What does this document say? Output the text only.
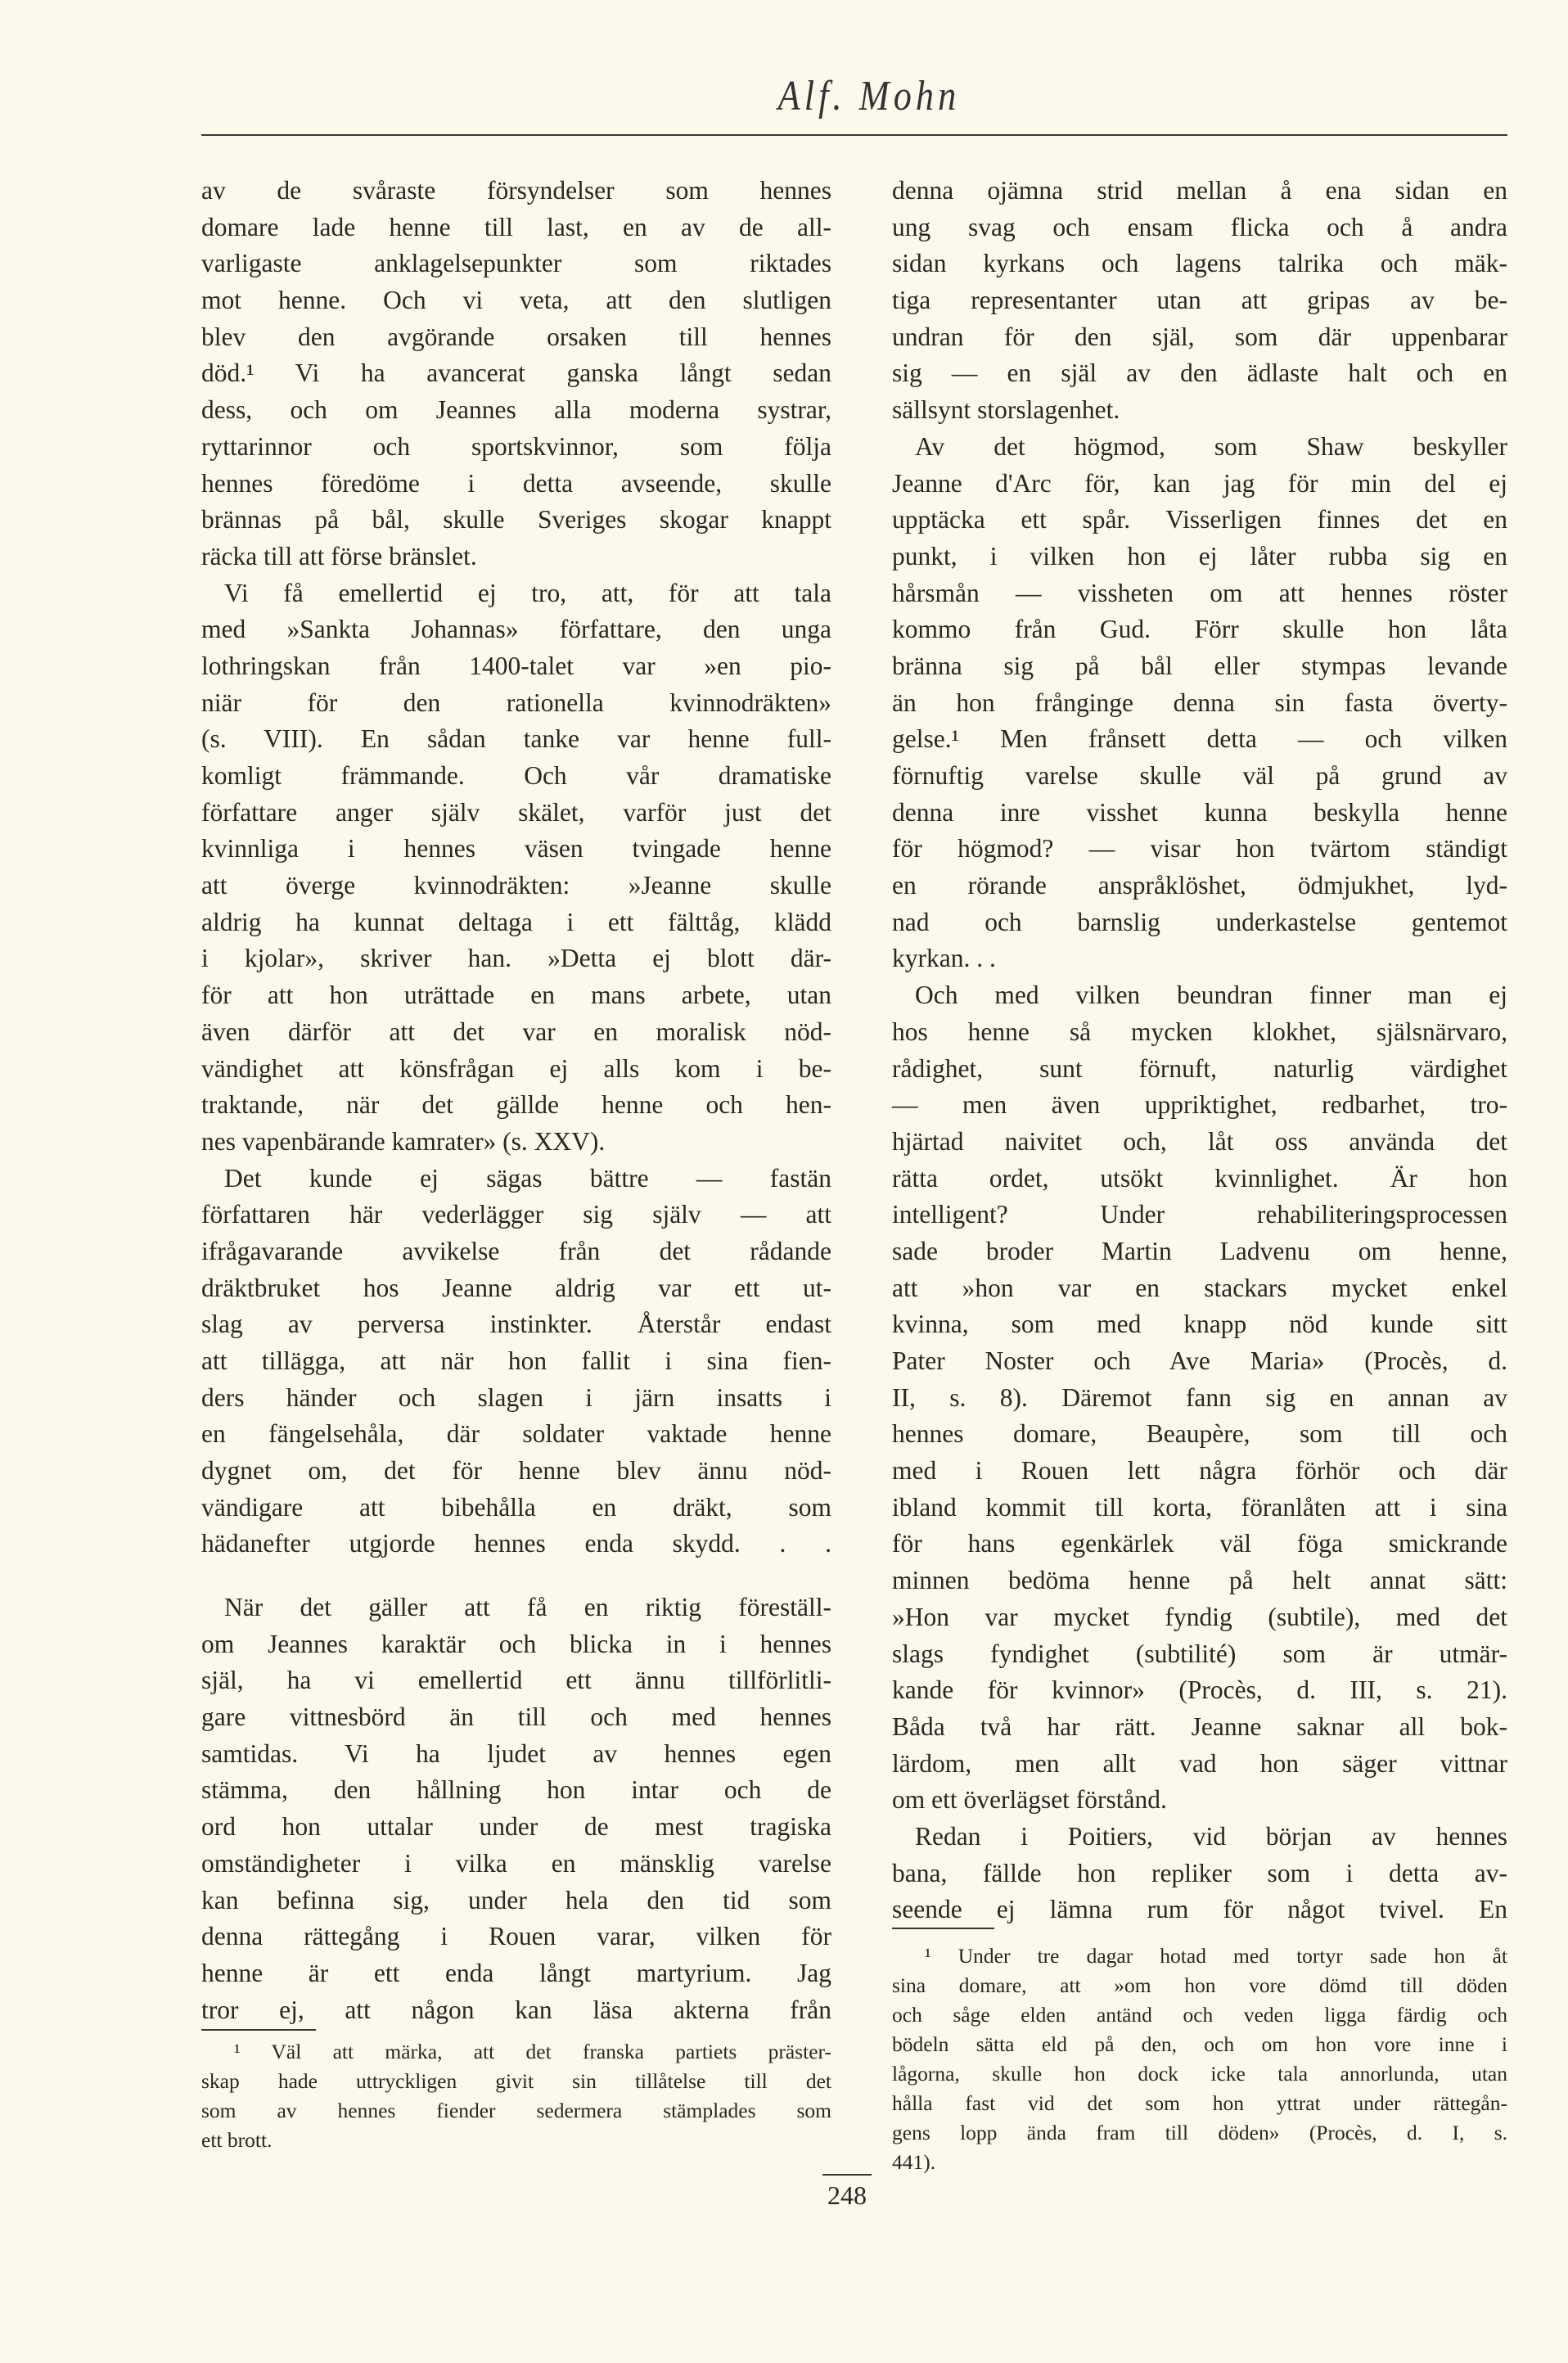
Alf. Mohn
av de svåraste försyndelser som hennes
domare lade henne till last, en av de all-
varligaste anklagelsepunkter som riktades
mot henne. Och vi veta, att den slutligen
blev den avgörande orsaken till hennes
död.¹ Vi ha avancerat ganska långt sedan
dess, och om Jeannes alla moderna systrar,
ryttarinnor och sportskvinnor, som följa
hennes föredöme i detta avseende, skulle
brännas på bål, skulle Sveriges skogar knappt
räcka till att förse bränslet.
Vi få emellertid ej tro, att, för att tala
med »Sankta Johannas» författare, den unga
lothringskan från 1400-talet var »en pio-
niär för den rationella kvinnodräkten»
(s. VIII). En sådan tanke var henne full-
komligt främmande. Och vår dramatiske
författare anger själv skälet, varför just det
kvinnliga i hennes väsen tvingade henne
att överge kvinnodräkten: »Jeanne skulle
aldrig ha kunnat deltaga i ett fälttåg, klädd
i kjolar», skriver han. »Detta ej blott där-
för att hon uträttade en mans arbete, utan
även därför att det var en moralisk nöd-
vändighet att könsfrågan ej alls kom i be-
traktande, när det gällde henne och hen-
nes vapenbärande kamrater» (s. XXV).
Det kunde ej sägas bättre — fastän
författaren här vederlägger sig själv — att
ifrågavarande avvikelse från det rådande
dräktbruket hos Jeanne aldrig var ett ut-
slag av perversa instinkter. Återstår endast
att tillägga, att när hon fallit i sina fien-
ders händer och slagen i järn insatts i
en fängelsehåla, där soldater vaktade henne
dygnet om, det för henne blev ännu nöd-
vändigare att bibehålla en dräkt, som
hädanefter utgjorde hennes enda skydd. . .
När det gäller att få en riktig föreställ-
om Jeannes karaktär och blicka in i hennes
själ, ha vi emellertid ett ännu tillförlitli-
gare vittnesbörd än till och med hennes
samtidas. Vi ha ljudet av hennes egen
stämma, den hållning hon intar och de
ord hon uttalar under de mest tragiska
omständigheter i vilka en mänsklig varelse
kan befinna sig, under hela den tid som
denna rättegång i Rouen varar, vilken för
henne är ett enda långt martyrium. Jag
tror ej, att någon kan läsa akterna från
¹ Väl att märka, att det franska partiets präster-
skap hade uttryckligen givit sin tillåtelse till det
som av hennes fiender sedermera stämplades som
ett brott.
denna ojämna strid mellan å ena sidan en
ung svag och ensam flicka och å andra
sidan kyrkans och lagens talrika och mäk-
tiga representanter utan att gripas av be-
undran för den själ, som där uppenbarar
sig — en själ av den ädlaste halt och en
sällsynt storslagenhet.
Av det högmod, som Shaw beskyller
Jeanne d'Arc för, kan jag för min del ej
upptäcka ett spår. Visserligen finnes det en
punkt, i vilken hon ej låter rubba sig en
hårsmån — vissheten om att hennes röster
kommo från Gud. Förr skulle hon låta
bränna sig på bål eller stympas levande
än hon frånginge denna sin fasta överty-
gelse.¹ Men frånsett detta — och vilken
förnuftig varelse skulle väl på grund av
denna inre visshet kunna beskylla henne
för högmod? — visar hon tvärtom ständigt
en rörande anspråklöshet, ödmjukhet, lyd-
nad och barnslig underkastelse gentemot
kyrkan. . .
Och med vilken beundran finner man ej
hos henne så mycken klokhet, själsnärvaro,
rådighet, sunt förnuft, naturlig värdighet
— men även uppriktighet, redbarhet, tro-
hjärtad naivitet och, låt oss använda det
rätta ordet, utsökt kvinnlighet. Är hon
intelligent? Under rehabiliteringsprocessen
sade broder Martin Ladvenu om henne,
att »hon var en stackars mycket enkel
kvinna, som med knapp nöd kunde sitt
Pater Noster och Ave Maria» (Procès, d.
II, s. 8). Däremot fann sig en annan av
hennes domare, Beaupère, som till och
med i Rouen lett några förhör och där
ibland kommit till korta, föranlåten att i sina
för hans egenkärlek väl föga smickrande
minnen bedöma henne på helt annat sätt:
»Hon var mycket fyndig (subtile), med det
slags fyndighet (subtilité) som är utmär-
kande för kvinnor» (Procès, d. III, s. 21).
Båda två har rätt. Jeanne saknar all bok-
lärdom, men allt vad hon säger vittnar
om ett överlägset förstånd.
Redan i Poitiers, vid början av hennes
bana, fällde hon repliker som i detta av-
seende ej lämna rum för något tvivel. En
¹ Under tre dagar hotad med tortyr sade hon åt
sina domare, att »om hon vore dömd till döden
och såge elden antänd och veden ligga färdig och
bödeln sätta eld på den, och om hon vore inne i
lågorna, skulle hon dock icke tala annorlunda, utan
hålla fast vid det som hon yttrat under rättegån-
gens lopp ända fram till döden» (Procès, d. I, s.
441).
248
